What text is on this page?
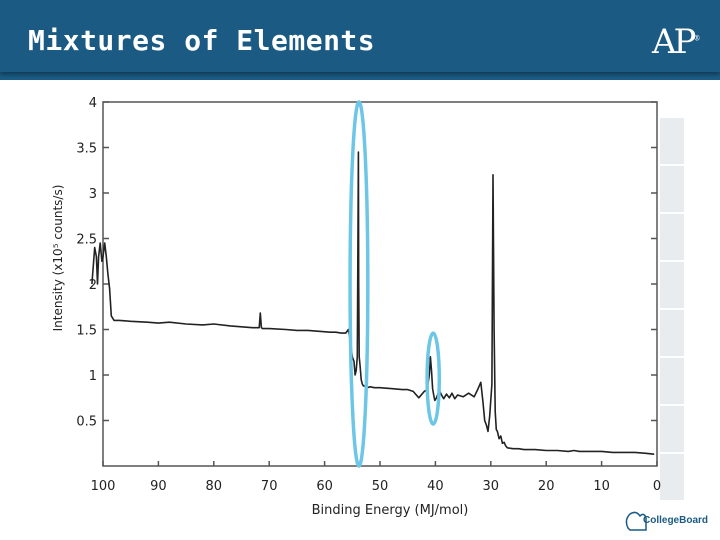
Mixtures of Elements	AP®
0.5
1
1.5
2
2.5
3
3.5
4
100	90	80	70	60	50	40	30	20	10	0
Binding Energy (MJ/mol)
Intensity (x10⁵ counts/s)
CollegeBoard
